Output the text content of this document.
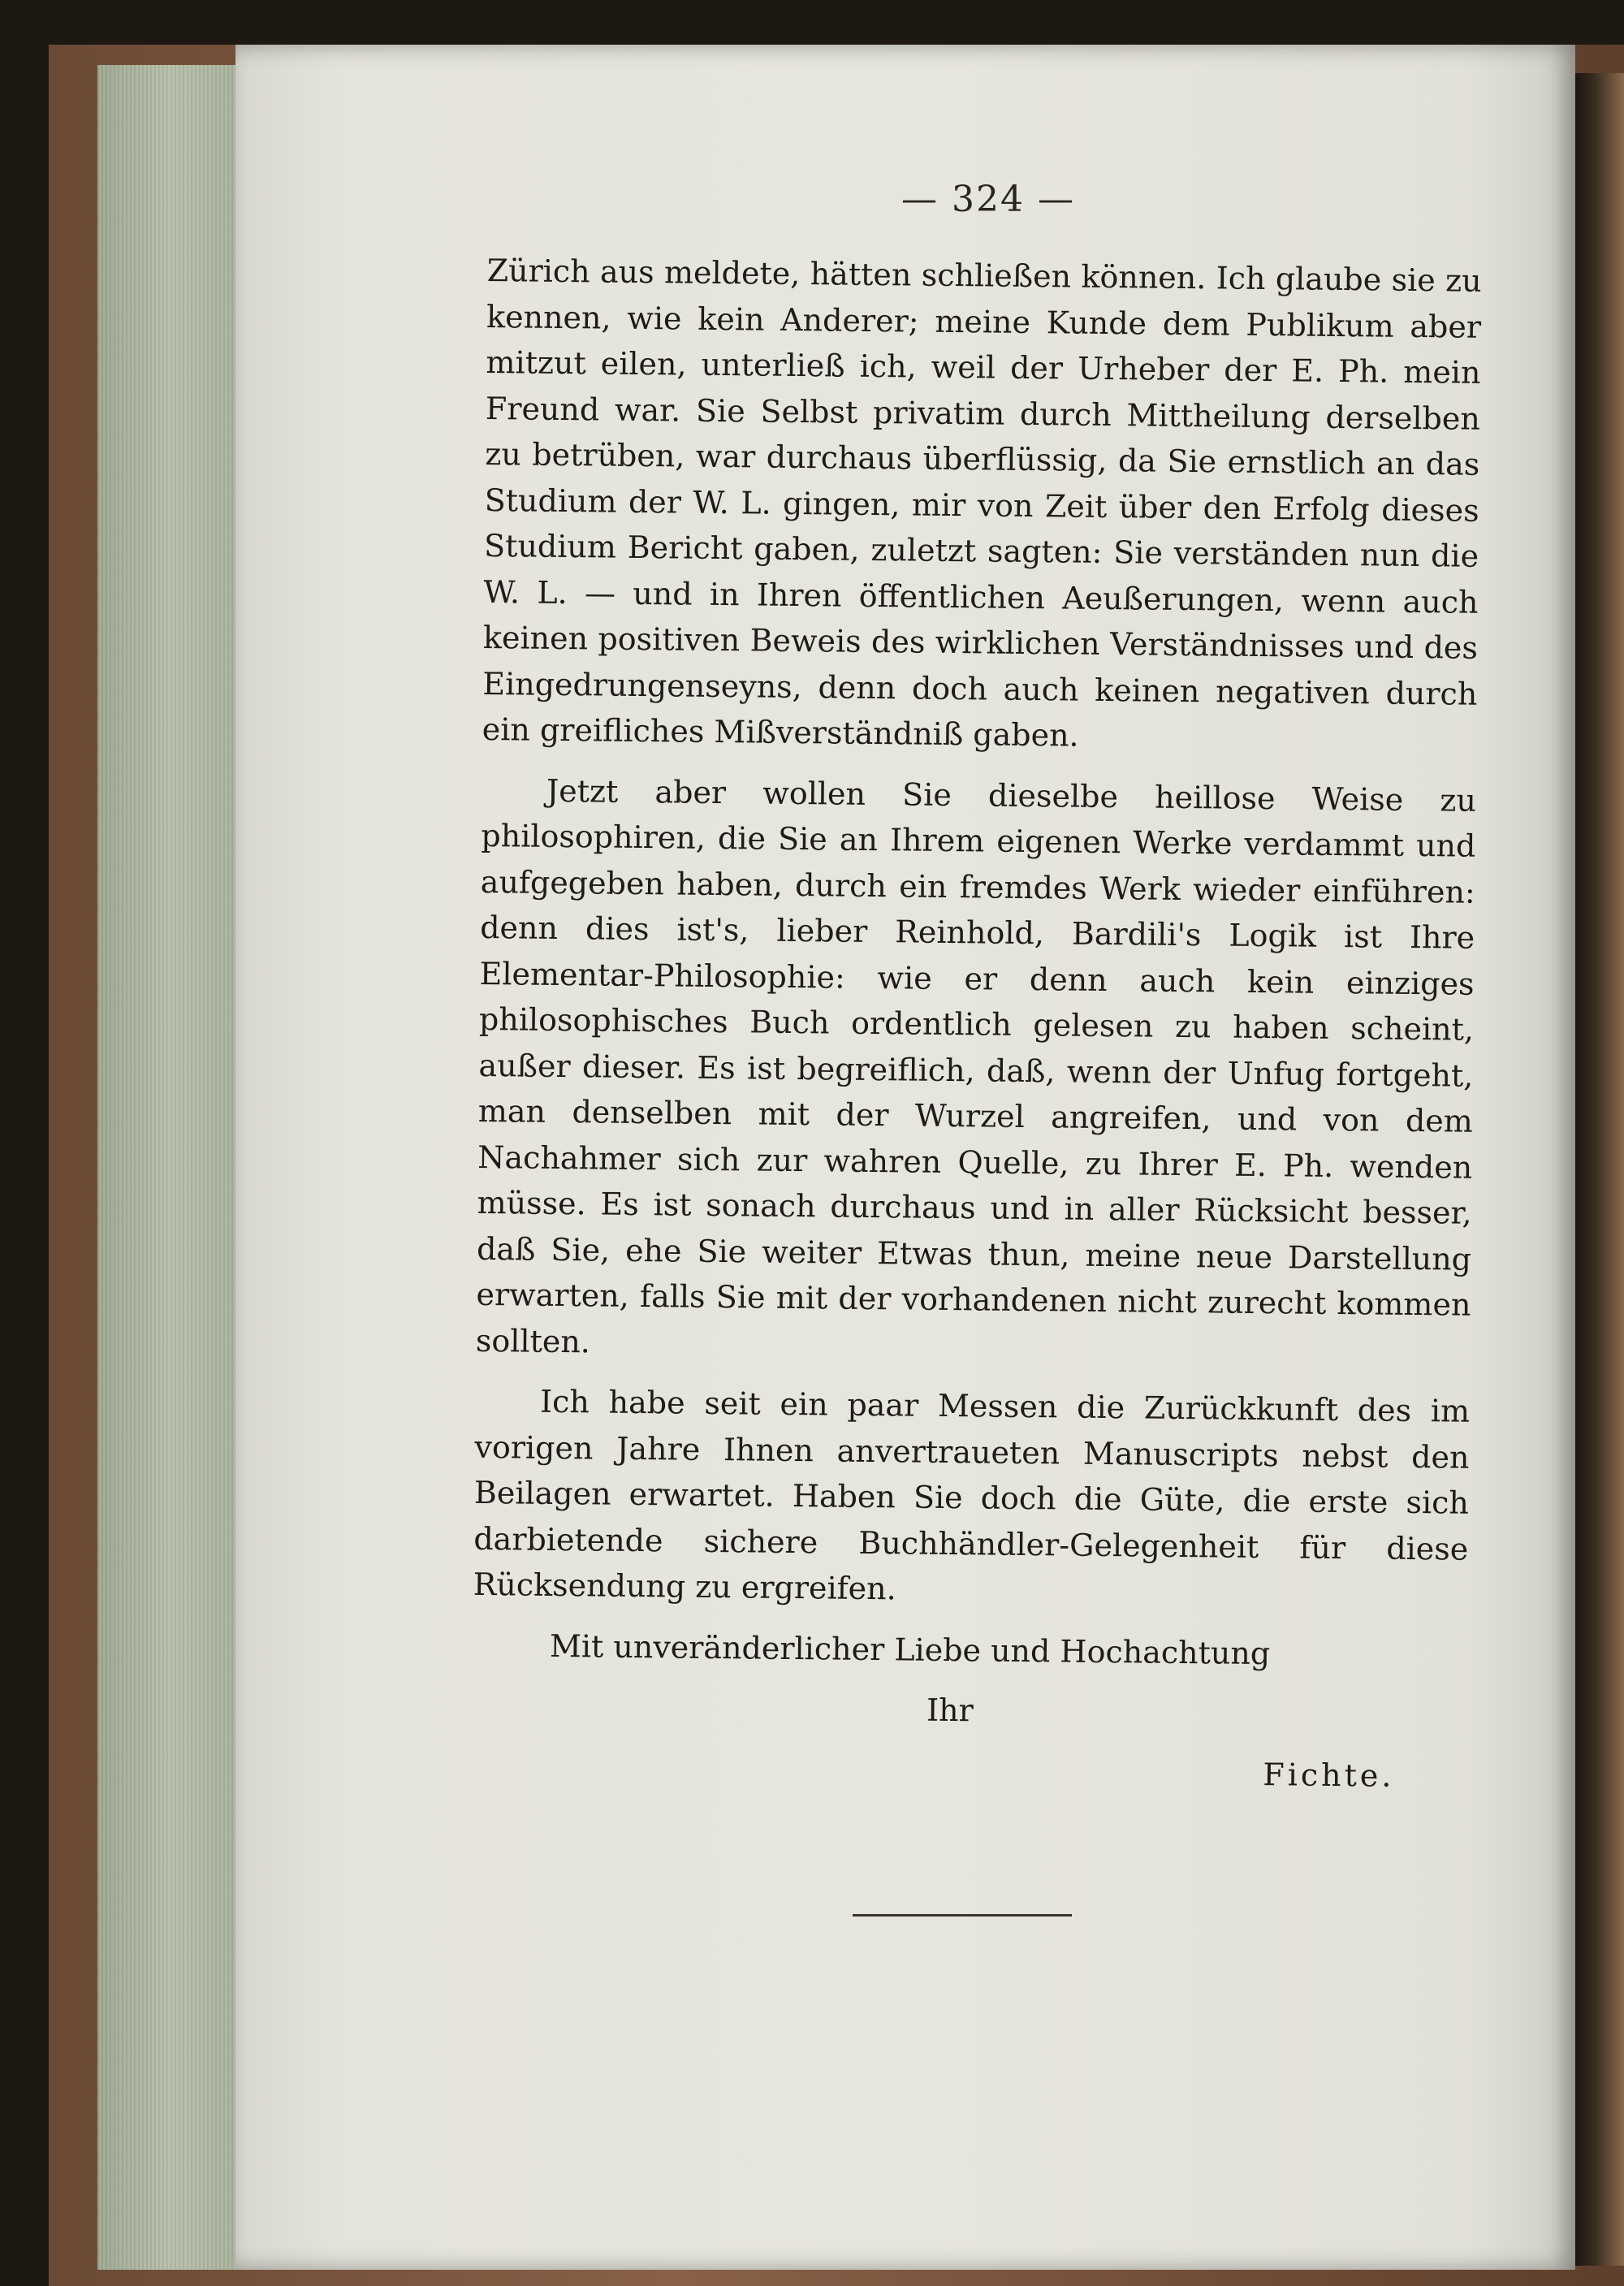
— 324 —

Zürich aus meldete, hätten schließen können. Ich glaube sie zu kennen, wie kein Anderer; meine Kunde dem Publikum aber mitzut eilen, unterließ ich, weil der Urheber der E. Ph. mein Freund war. Sie Selbst privatim durch Mittheilung derselben zu betrüben, war durchaus überflüssig, da Sie ernstlich an das Studium der W. L. gingen, mir von Zeit über den Erfolg dieses Studium Bericht gaben, zuletzt sagten: Sie verständen nun die W. L. — und in Ihren öffentlichen Aeußerungen, wenn auch keinen positiven Beweis des wirklichen Verständnisses und des Eingedrungenseyns, denn doch auch keinen negativen durch ein greifliches Mißverständniß gaben.

Jetzt aber wollen Sie dieselbe heillose Weise zu philosophiren, die Sie an Ihrem eigenen Werke verdammt und aufgegeben haben, durch ein fremdes Werk wieder einführen: denn dies ist's, lieber Reinhold, Bardili's Logik ist Ihre Elementar-Philosophie: wie er denn auch kein einziges philosophisches Buch ordentlich gelesen zu haben scheint, außer dieser. Es ist begreiflich, daß, wenn der Unfug fortgeht, man denselben mit der Wurzel angreifen, und von dem Nachahmer sich zur wahren Quelle, zu Ihrer E. Ph. wenden müsse. Es ist sonach durchaus und in aller Rücksicht besser, daß Sie, ehe Sie weiter Etwas thun, meine neue Darstellung erwarten, falls Sie mit der vorhandenen nicht zurecht kommen sollten.

Ich habe seit ein paar Messen die Zurückkunft des im vorigen Jahre Ihnen anvertraueten Manuscripts nebst den Beilagen erwartet. Haben Sie doch die Güte, die erste sich darbietende sichere Buchhändler-Gelegenheit für diese Rücksendung zu ergreifen.

Mit unveränderlicher Liebe und Hochachtung

Ihr

Fichte.
